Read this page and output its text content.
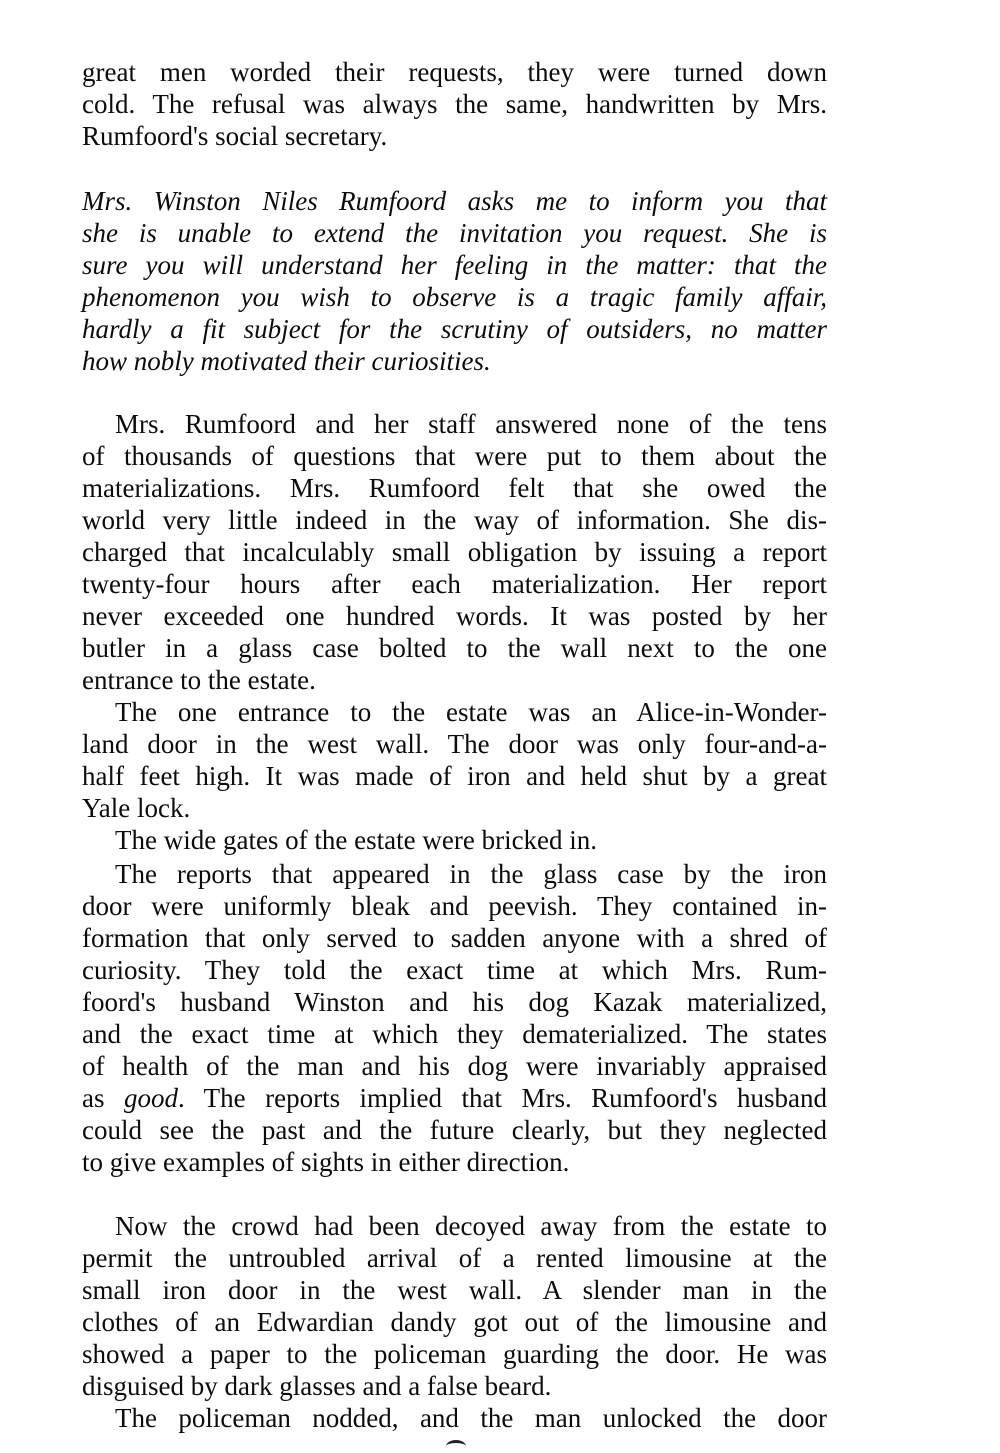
great men worded their requests, they were turned down
cold. The refusal was always the same, handwritten by Mrs.
Rumfoord's social secretary.
Mrs. Winston Niles Rumfoord asks me to inform you that
she is unable to extend the invitation you request. She is
sure you will understand her feeling in the matter: that the
phenomenon you wish to observe is a tragic family affair,
hardly a fit subject for the scrutiny of outsiders, no matter
how nobly motivated their curiosities.
Mrs. Rumfoord and her staff answered none of the tens
of thousands of questions that were put to them about the
materializations. Mrs. Rumfoord felt that she owed the
world very little indeed in the way of information. She dis-
charged that incalculably small obligation by issuing a report
twenty-four hours after each materialization. Her report
never exceeded one hundred words. It was posted by her
butler in a glass case bolted to the wall next to the one
entrance to the estate.
The one entrance to the estate was an Alice-in-Wonder-
land door in the west wall. The door was only four-and-a-
half feet high. It was made of iron and held shut by a great
Yale lock.
The wide gates of the estate were bricked in.
The reports that appeared in the glass case by the iron
door were uniformly bleak and peevish. They contained in-
formation that only served to sadden anyone with a shred of
curiosity. They told the exact time at which Mrs. Rum-
foord's husband Winston and his dog Kazak materialized,
and the exact time at which they dematerialized. The states
of health of the man and his dog were invariably appraised
as good. The reports implied that Mrs. Rumfoord's husband
could see the past and the future clearly, but they neglected
to give examples of sights in either direction.
Now the crowd had been decoyed away from the estate to
permit the untroubled arrival of a rented limousine at the
small iron door in the west wall. A slender man in the
clothes of an Edwardian dandy got out of the limousine and
showed a paper to the policeman guarding the door. He was
disguised by dark glasses and a false beard.
The policeman nodded, and the man unlocked the door
